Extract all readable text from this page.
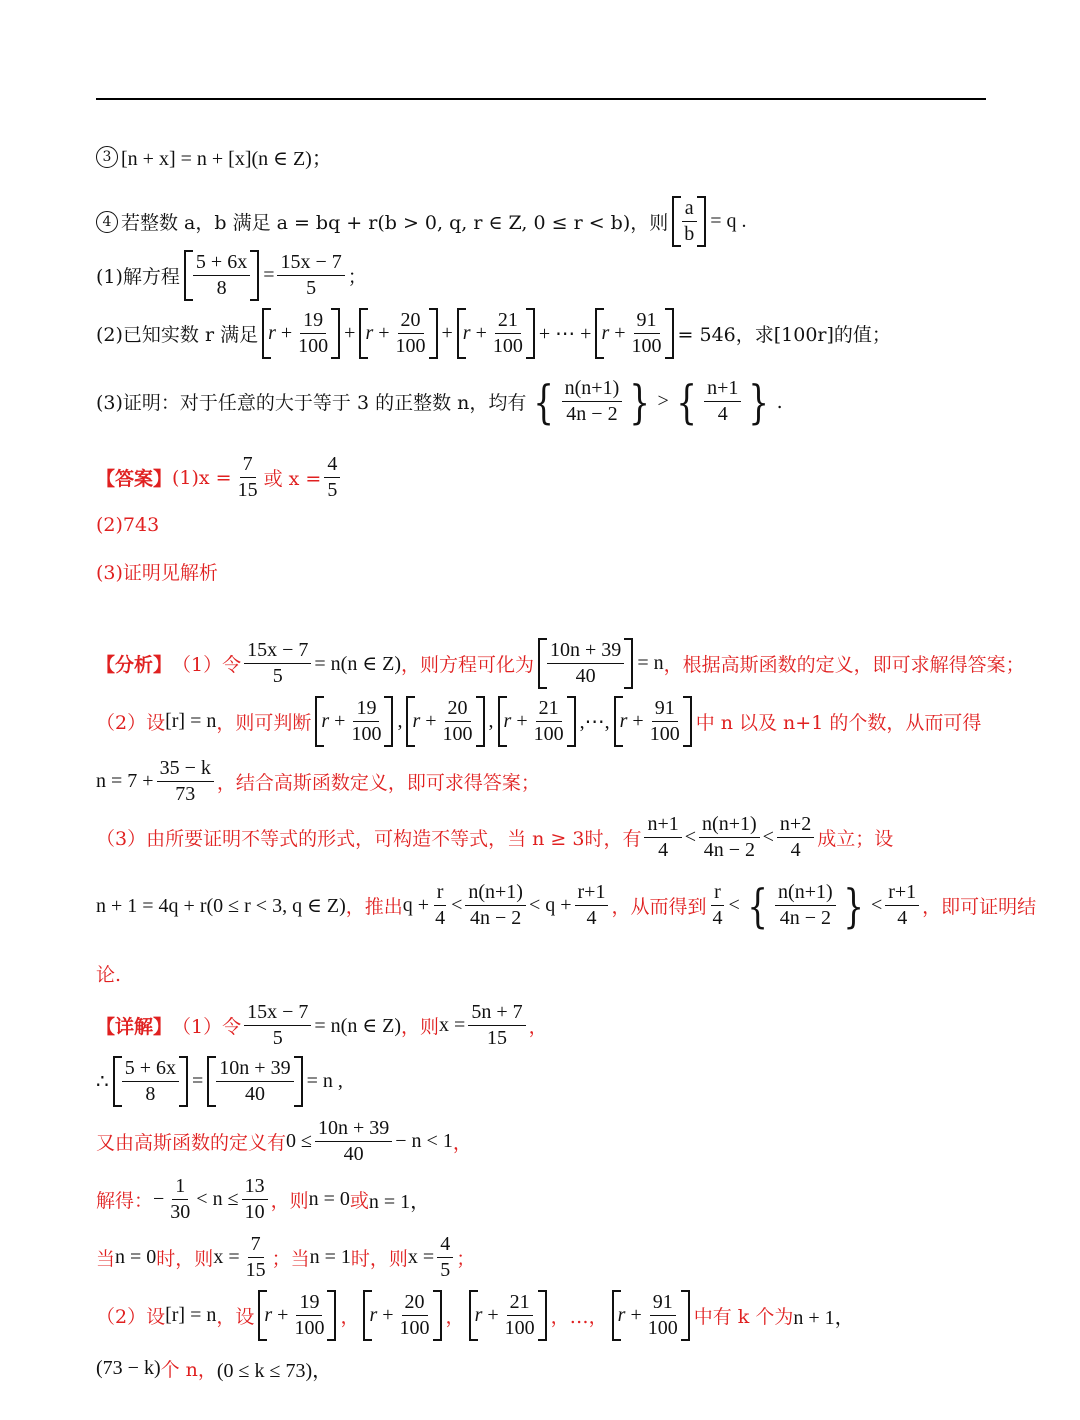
3 [n + x] = n + [x](n ∈ Z)；
4 若整数 a，b 满足 a = bq + r(b > 0, q, r ∈ Z, 0 ≤ r < b)，则 $\frac{a}{b} = q$ .
(1)解方程 $\frac{5 + 6x}{8} = \frac{15x - 7}{5}$ ；
(2)已知实数 r 满足 $r + \frac{19}{100} + r + \frac{20}{100} + r + \frac{21}{100}$ + ⋯ + $r + \frac{91}{100} = 546$，求[100r]的值；
(3)证明：对于任意的大于等于 3 的正整数 n，均有 { $\frac{n(n+1)}{4n - 2}$ } > { $\frac{n+1}{4}$ } .
【答案】 $(1)x = \frac{7}{15}$ 或 $x = \frac{4}{5}$
(2)743
(3)证明见解析
【分析】 （1）令 $\frac{15x - 7}{5} = n(n$ ∈ Z) ，则方程可化为 $\frac{10n + 39}{40} = n$ ，根据高斯函数的定义，即可求解得答案；
（2）设 [r] = n ，则可判断 $r + \frac{19}{100}$ , $r + \frac{20}{100}$ , $r + \frac{21}{100}$ ,⋯, $r + \frac{91}{100}$ 中 n 以及 n+1 的个数，从而可得
$n = 7 + \frac{35 - k}{73}$ ，结合高斯函数定义，即可求得答案；
（3）由所要证明不等式的形式，可构造不等式，当 n ≥ 3时，有
n+1
4
<
n(n+1)
4n − 2
<
n+2
4 成立；设
n + 1 = 4q + r(0 ≤ r < 3, q ∈ Z) ，推出 $q + \frac{r}{4}$ <
n(n+1)
4n − 2
< $q + \frac{r+1}{4}$ ，从而得到
r
4
< { n(n+1)
4n − 2 } <
r+1
4 ，即可证明结
论.
【详解】 （1）令 $\frac{15x - 7}{5} = n(n$ ∈ Z) ，则 $x = \frac{5n + 7}{15}$ ，
∴
5 + 6x
8
=
10n + 39
40
= n ,
又由高斯函数的定义有 $0 \le \frac{10n + 39}{40} - n < 1$ ，
解得： − $\frac{1}{30} < n \le \frac{13}{10}$ ，则 n = 0 或 n = 1，
当 n = 0 时，则 $x = \frac{7}{15}$ ；当 n = 1 时，则 $x = \frac{4}{5}$ ；
（2）设 [r] = n ，设 $r + \frac{19}{100}$ ， $r + \frac{20}{100}$ ， $r + \frac{21}{100}$ ，…， $r + \frac{91}{100}$ 中有 k 个为 n + 1，
(73 − k) 个 n， (0 ≤ k ≤ 73)，
